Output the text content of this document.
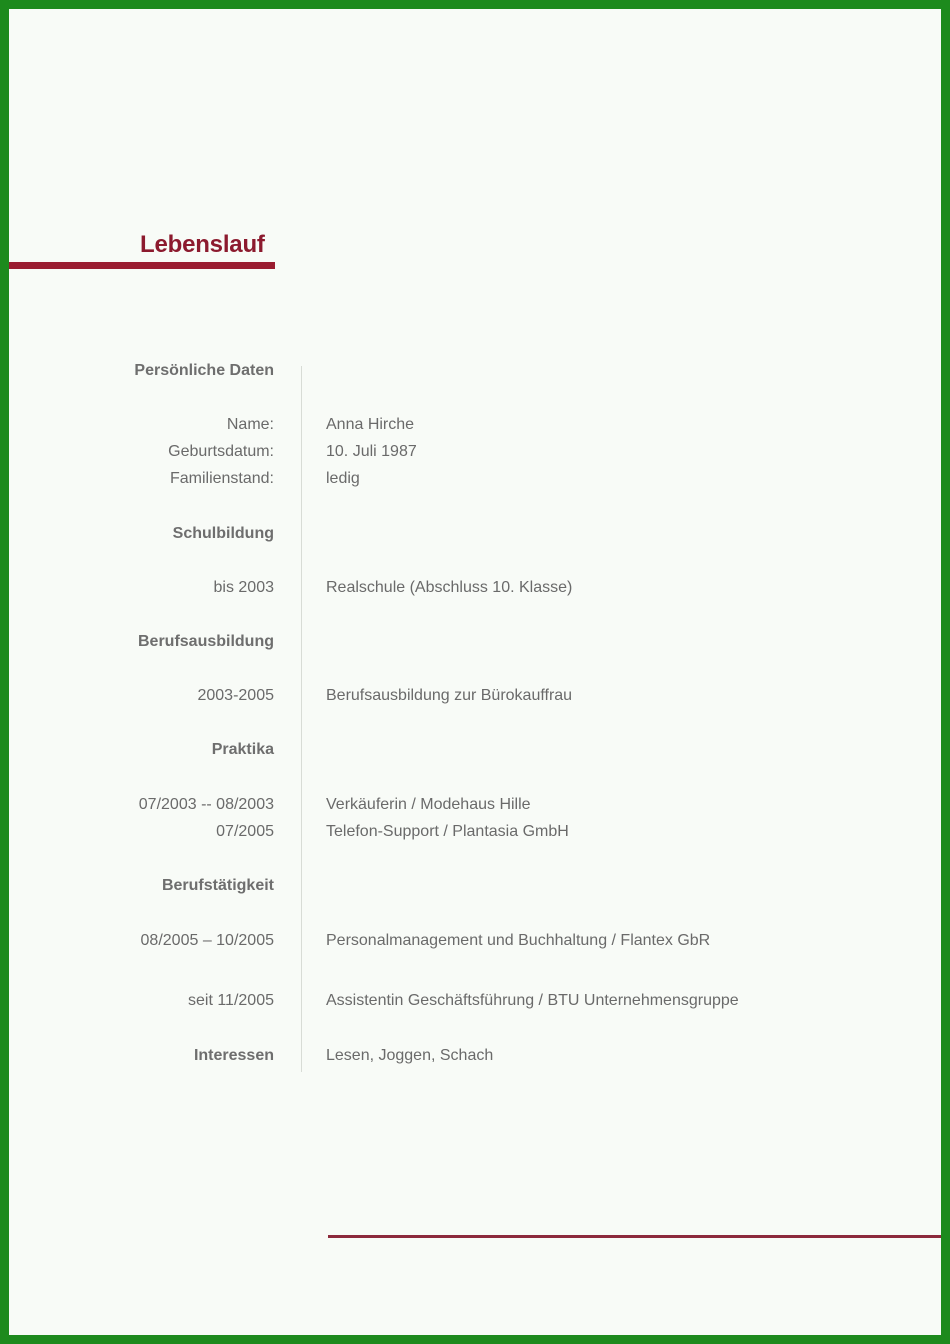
Lebenslauf
Persönliche Daten
Name:	Anna Hirche
Geburtsdatum:	10. Juli 1987
Familienstand:	ledig
Schulbildung
bis 2003	Realschule (Abschluss 10. Klasse)
Berufsausbildung
2003-2005	Berufsausbildung zur Bürokauffrau
Praktika
07/2003 -- 08/2003	Verkäuferin / Modehaus Hille
07/2005	Telefon-Support / Plantasia GmbH
Berufstätigkeit
08/2005 – 10/2005	Personalmanagement und Buchhaltung / Flantex GbR
seit 11/2005	Assistentin Geschäftsführung / BTU Unternehmensgruppe
Interessen	Lesen, Joggen, Schach
